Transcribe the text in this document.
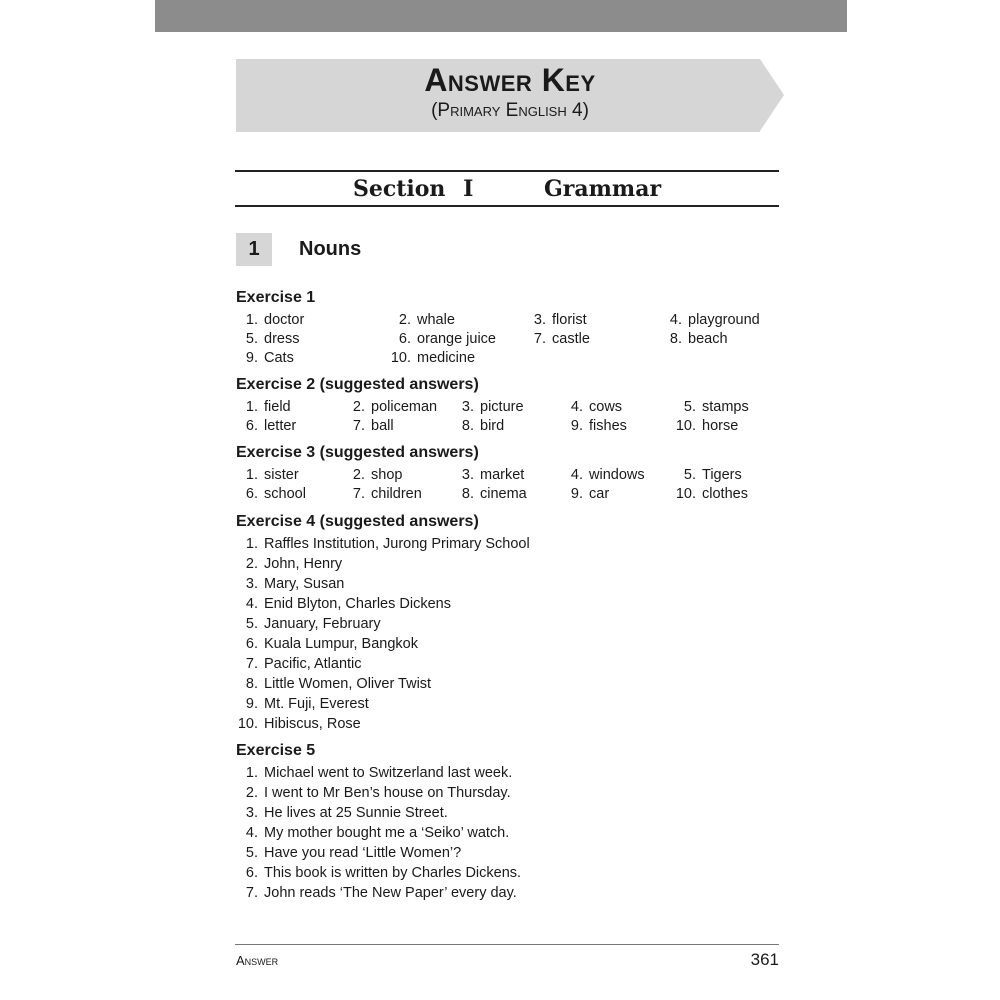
Answer Key
(Primary English 4)
Section I    Grammar
1	Nouns
Exercise 1
1. doctor	2. whale	3. florist	4. playground
5. dress	6. orange juice	7. castle	8. beach
9. Cats	10. medicine
Exercise 2 (suggested answers)
1. field	2. policeman	3. picture	4. cows	5. stamps
6. letter	7. ball	8. bird	9. fishes	10. horse
Exercise 3 (suggested answers)
1. sister	2. shop	3. market	4. windows	5. Tigers
6. school	7. children	8. cinema	9. car	10. clothes
Exercise 4 (suggested answers)
1. Raffles Institution, Jurong Primary School
2. John, Henry
3. Mary, Susan
4. Enid Blyton, Charles Dickens
5. January, February
6. Kuala Lumpur, Bangkok
7. Pacific, Atlantic
8. Little Women, Oliver Twist
9. Mt. Fuji, Everest
10. Hibiscus, Rose
Exercise 5
1. Michael went to Switzerland last week.
2. I went to Mr Ben’s house on Thursday.
3. He lives at 25 Sunnie Street.
4. My mother bought me a ‘Seiko’ watch.
5. Have you read ‘Little Women’?
6. This book is written by Charles Dickens.
7. John reads ‘The New Paper’ every day.
Answer	361
